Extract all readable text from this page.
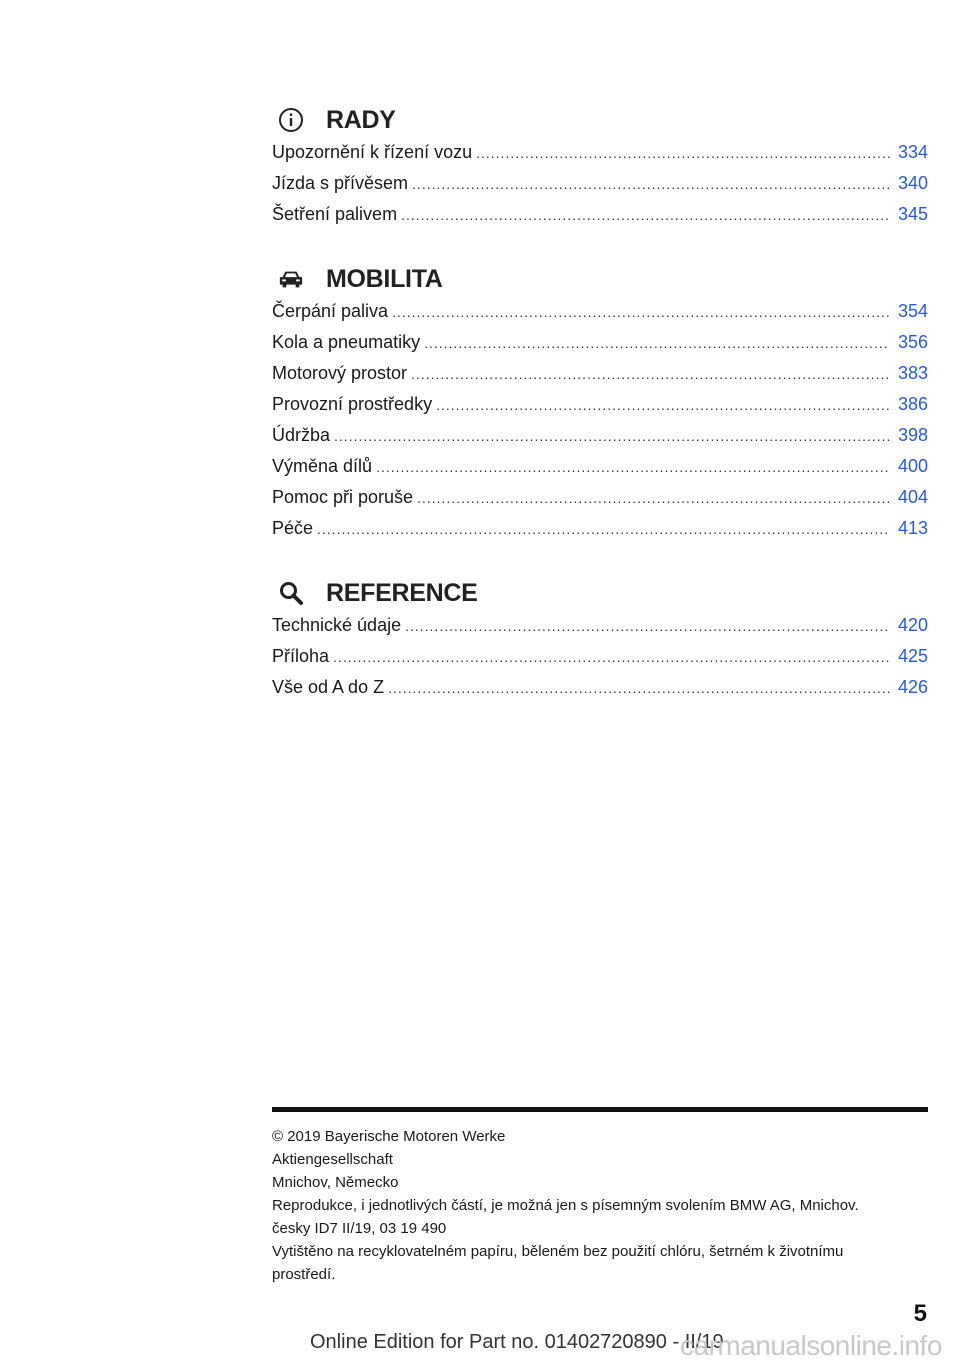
RADY
Upozornění k řízení vozu .....	334
Jízda s přívěsem .....	340
Šetření palivem .....	345
MOBILITA
Čerpání paliva .....	354
Kola a pneumatiky .....	356
Motorový prostor .....	383
Provozní prostředky .....	386
Údržba .....	398
Výměna dílů .....	400
Pomoc při poruše .....	404
Péče .....	413
REFERENCE
Technické údaje .....	420
Příloha .....	425
Vše od A do Z .....	426
© 2019 Bayerische Motoren Werke
Aktiengesellschaft
Mnichov, Německo
Reprodukce, i jednotlivých částí, je možná jen s písemným svolením BMW AG, Mnichov.
česky ID7 II/19, 03 19 490
Vytištěno na recyklovatelném papíru, běleném bez použití chlóru, šetrném k životnímu
prostředí.
5
Online Edition for Part no. 01402720890 - II/19
carmanualsonline.info
